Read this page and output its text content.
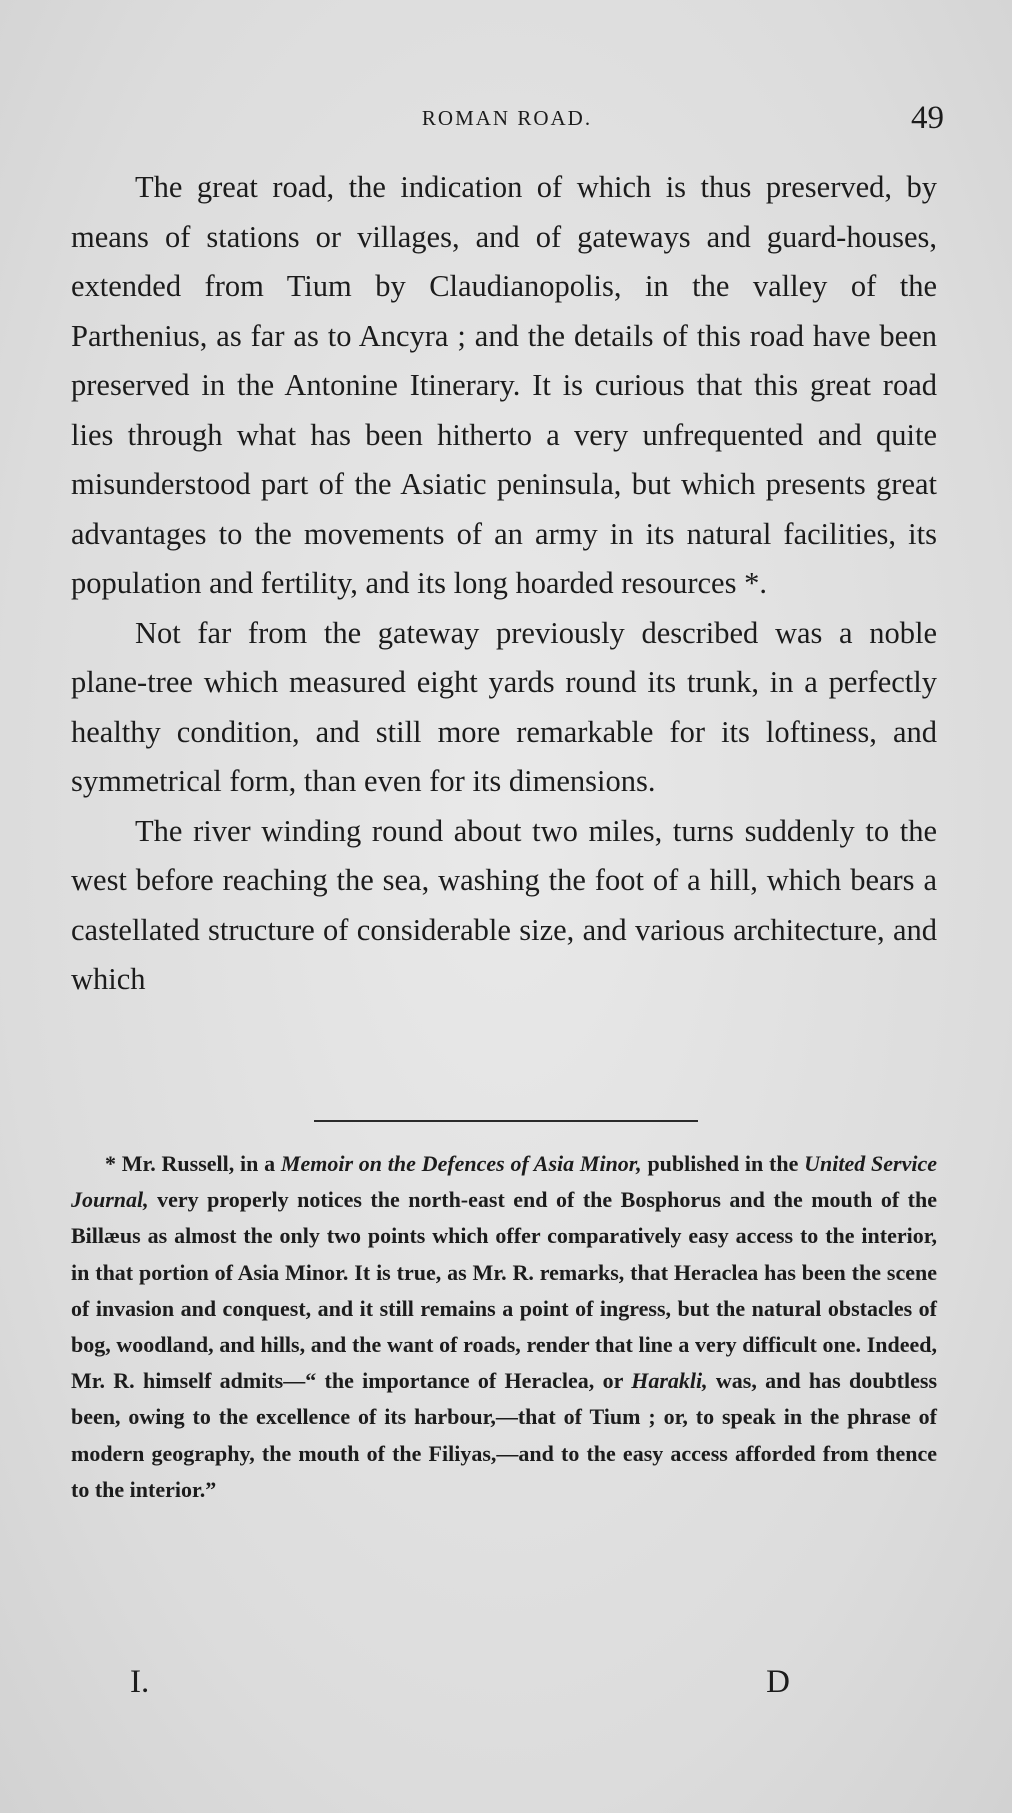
ROMAN ROAD.	49

The great road, the indication of which is thus preserved, by means of stations or villages, and of gateways and guard-houses, extended from Tium by Claudianopolis, in the valley of the Parthenius, as far as to Ancyra ; and the details of this road have been preserved in the Antonine Itinerary. It is curious that this great road lies through what has been hitherto a very unfrequented and quite misunderstood part of the Asiatic peninsula, but which presents great advantages to the movements of an army in its natural facilities, its population and fertility, and its long hoarded resources *.

Not far from the gateway previously described was a noble plane-tree which measured eight yards round its trunk, in a perfectly healthy condition, and still more remarkable for its loftiness, and symmetrical form, than even for its dimensions.

The river winding round about two miles, turns suddenly to the west before reaching the sea, washing the foot of a hill, which bears a castellated structure of considerable size, and various architecture, and which

* Mr. Russell, in a Memoir on the Defences of Asia Minor, published in the United Service Journal, very properly notices the north-east end of the Bosphorus and the mouth of the Billæus as almost the only two points which offer comparatively easy access to the interior, in that portion of Asia Minor. It is true, as Mr. R. remarks, that Heraclea has been the scene of invasion and conquest, and it still remains a point of ingress, but the natural obstacles of bog, woodland, and hills, and the want of roads, render that line a very difficult one. Indeed, Mr. R. himself admits—“ the importance of Heraclea, or Harakli, was, and has doubtless been, owing to the excellence of its harbour,—that of Tium ; or, to speak in the phrase of modern geography, the mouth of the Filiyas,—and to the easy access afforded from thence to the interior.”

I.	D
